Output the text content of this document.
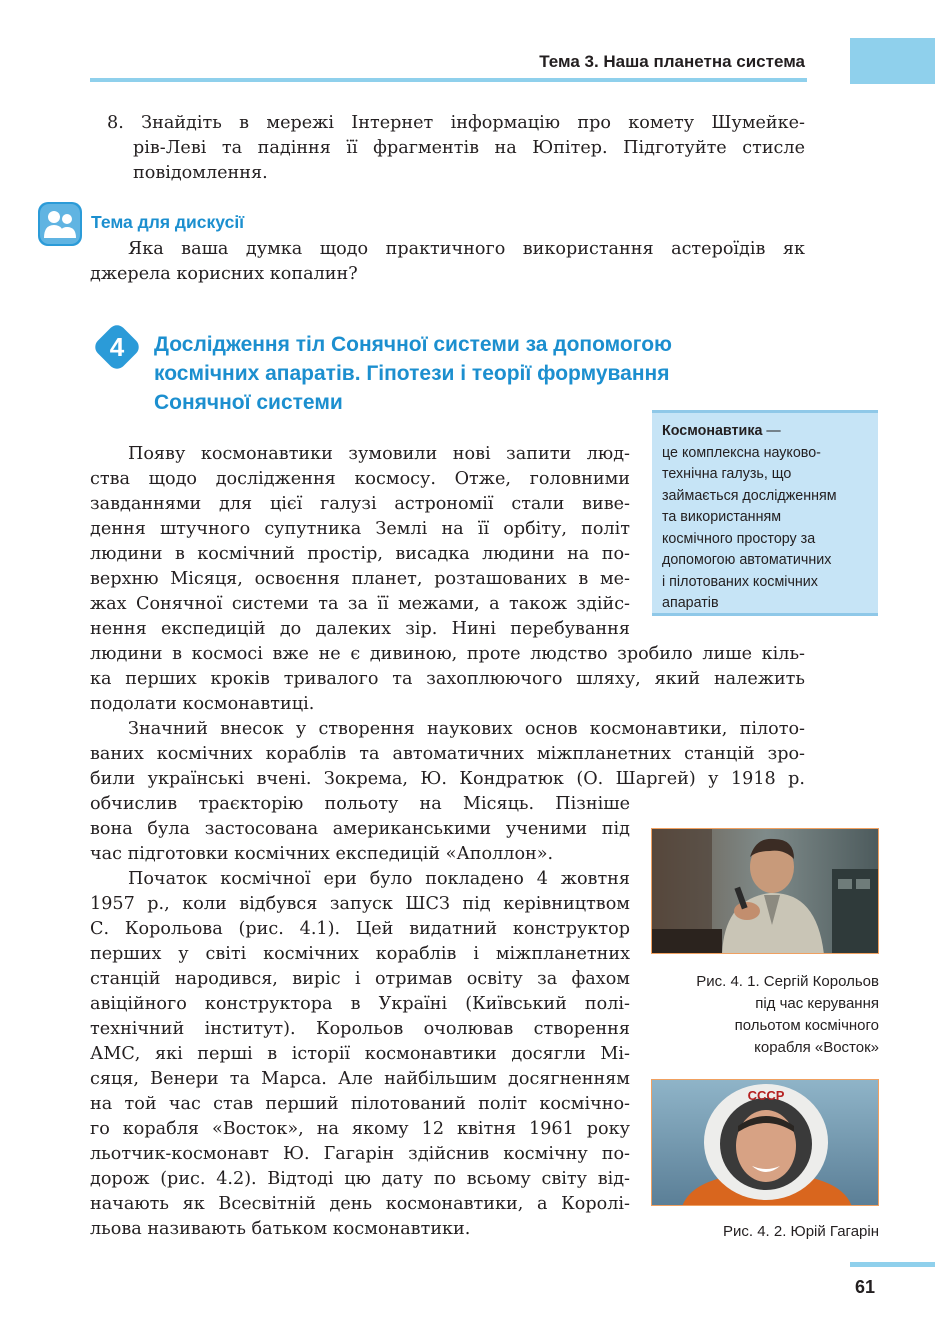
Тема 3. Наша планетна система
8. Знайдіть в мережі Інтернет інформацію про комету Шумейке-
рів-Леві та падіння її фрагментів на Юпітер. Підготуйте стисле
повідомлення.
Тема для дискусії
Яка ваша думка щодо практичного використання астероїдів як
джерела корисних копалин?
4 Дослідження тіл Сонячної системи за допомогою
космічних апаратів. Гіпотези і теорії формування
Сонячної системи
Космонавтика —
це комплексна науково-
технічна галузь, що
займається дослідженням
та використанням
космічного простору за
допомогою автоматичних
і пілотованих космічних
апаратів
Появу космонавтики зумовили нові запити люд-
ства щодо дослідження космосу. Отже, головними
завданнями для цієї галузі астрономії стали виве-
дення штучного супутника Землі на її орбіту, політ
людини в космічний простір, висадка людини на по-
верхню Місяця, освоєння планет, розташованих в ме-
жах Сонячної системи та за її межами, а також здійс-
нення експедицій до далеких зір. Нині перебування
людини в космосі вже не є дивиною, проте людство зробило лише кіль-
ка перших кроків тривалого та захоплюючого шляху, який належить
подолати космонавтиці.
Значний внесок у створення наукових основ космонавтики, пілото-
ваних космічних кораблів та автоматичних міжпланетних станцій зро-
били українські вчені. Зокрема, Ю. Кондратюк (О. Шаргей) у 1918 р.
обчислив траєкторію польоту на Місяць. Пізніше
вона була застосована американськими ученими під
час підготовки космічних експедицій «Аполлон».
Початок космічної ери було покладено 4 жовтня
1957 р., коли відбувся запуск ШСЗ під керівництвом
С. Корольова (рис. 4.1). Цей видатний конструктор
перших у світі космічних кораблів і міжпланетних
станцій народився, виріс і отримав освіту за фахом
авіційного конструктора в Україні (Київський полі-
технічний інститут). Корольов очолював створення
АМС, які перші в історії космонавтики досягли Мі-
сяця, Венери та Марса. Але найбільшим досягненням
на той час став перший пілотований політ космічно-
го корабля «Восток», на якому 12 квітня 1961 року
льотчик-космонавт Ю. Гагарін здійснив космічну по-
дорож (рис. 4.2). Відтоді цю дату по всьому світу від-
начають як Всесвітній день космонавтики, а Королі-
льова називають батьком космонавтики.
Рис. 4. 1. Сергій Корольов
під час керування
польотом космічного
корабля «Восток»
СССР
Рис. 4. 2. Юрій Гагарін
61
